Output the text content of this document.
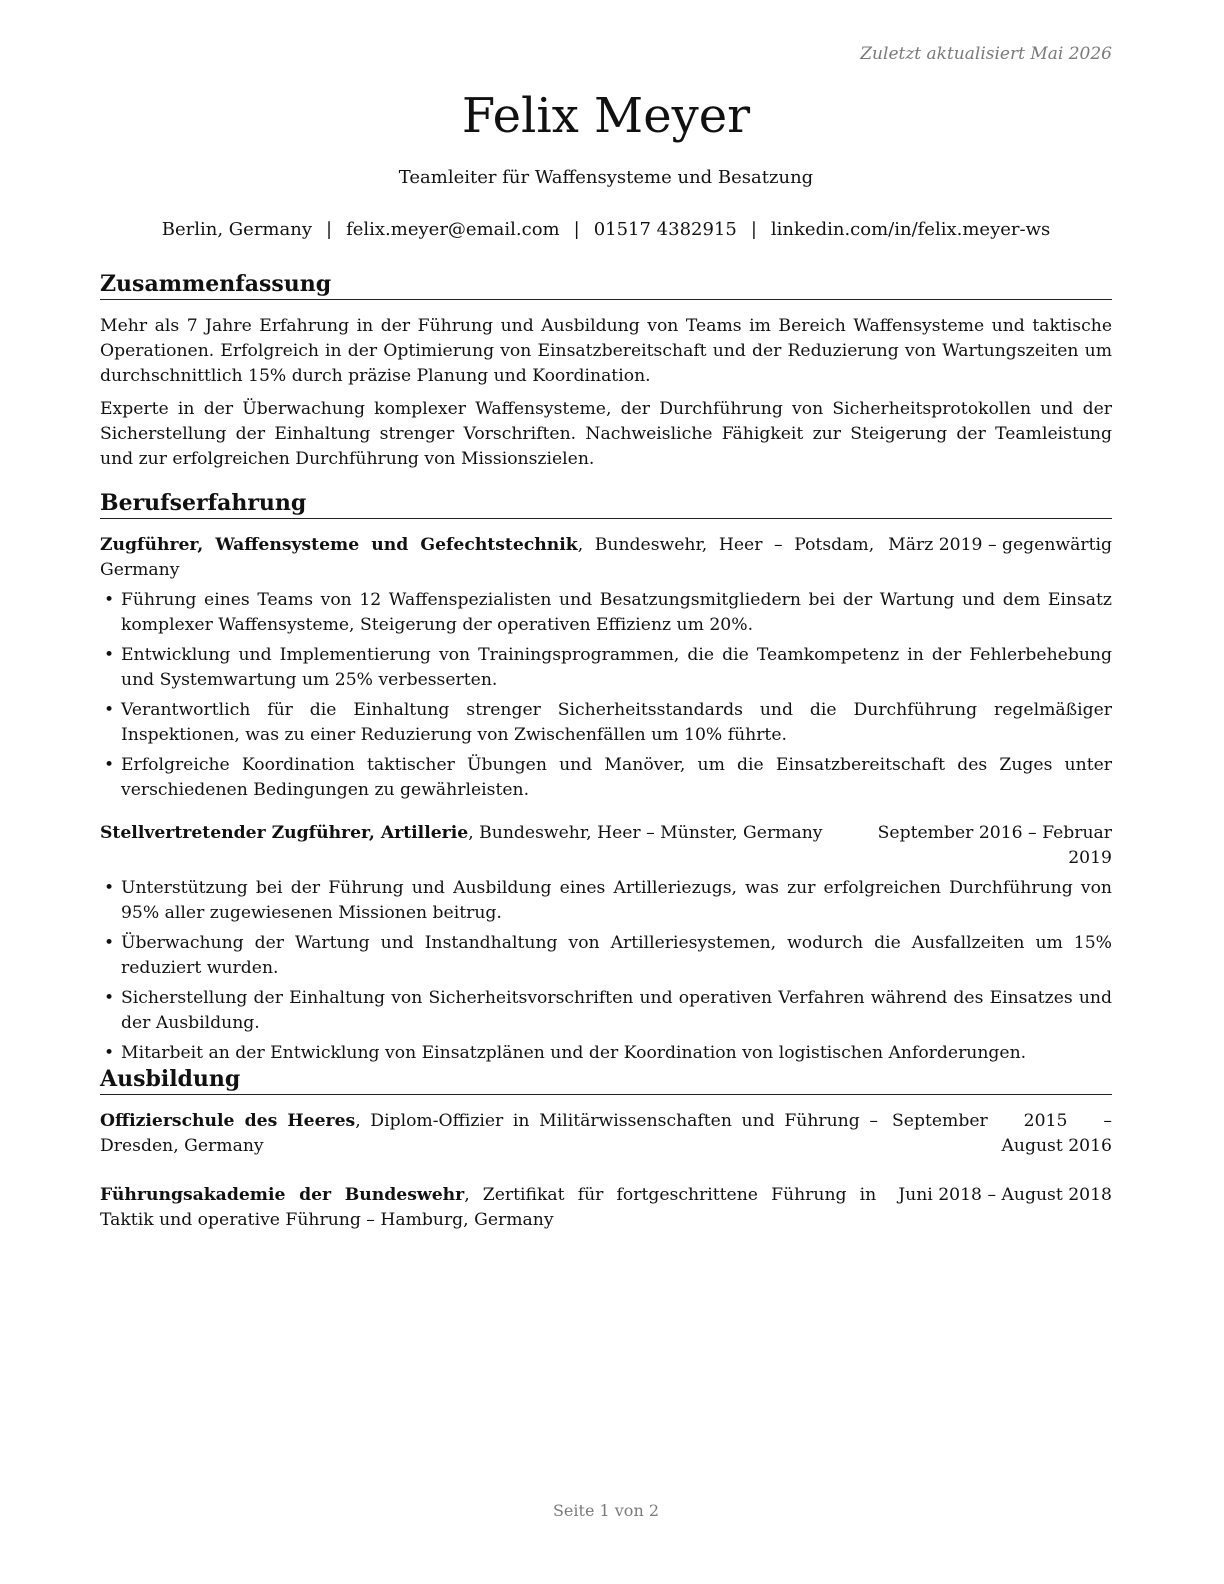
Zuletzt aktualisiert Mai 2026
Felix Meyer
Teamleiter für Waffensysteme und Besatzung
Berlin, Germany | felix.meyer@email.com | 01517 4382915 | linkedin.com/in/felix.meyer-ws
Zusammenfassung

Mehr als 7 Jahre Erfahrung in der Führung und Ausbildung von Teams im Bereich Waffensysteme und taktische Operationen. Erfolgreich in der Optimierung von Einsatzbereitschaft und der Reduzierung von Wartungszeiten um durchschnittlich 15% durch präzise Planung und Koordination.

Experte in der Überwachung komplexer Waffensysteme, der Durchführung von Sicherheitsprotokollen und der Sicherstellung der Einhaltung strenger Vorschriften. Nachweisliche Fähigkeit zur Steigerung der Teamleistung und zur erfolgreichen Durchführung von Missionszielen.

Berufserfahrung
Zugführer, Waffensysteme und Gefechtstechnik, Bundeswehr, Heer – Potsdam, Germany
März 2019 – gegenwärtig
• Führung eines Teams von 12 Waffenspezialisten und Besatzungsmitgliedern bei der Wartung und dem Einsatz komplexer Waffensysteme, Steigerung der operativen Effizienz um 20%.
• Entwicklung und Implementierung von Trainingsprogrammen, die die Teamkompetenz in der Fehlerbehebung und Systemwartung um 25% verbesserten.
• Verantwortlich für die Einhaltung strenger Sicherheitsstandards und die Durchführung regelmäßiger Inspektionen, was zu einer Reduzierung von Zwischenfällen um 10% führte.
• Erfolgreiche Koordination taktischer Übungen und Manöver, um die Einsatzbereitschaft des Zuges unter verschiedenen Bedingungen zu gewährleisten.
Stellvertretender Zugführer, Artillerie, Bundeswehr, Heer – Münster, Germany	September 2016 – Februar 2019
• Unterstützung bei der Führung und Ausbildung eines Artilleriezugs, was zur erfolgreichen Durchführung von 95% aller zugewiesenen Missionen beitrug.
• Überwachung der Wartung und Instandhaltung von Artilleriesystemen, wodurch die Ausfallzeiten um 15% reduziert wurden.
• Sicherstellung der Einhaltung von Sicherheitsvorschriften und operativen Verfahren während des Einsatzes und der Ausbildung.
• Mitarbeit an der Entwicklung von Einsatzplänen und der Koordination von logistischen Anforderungen.
Ausbildung
Offizierschule des Heeres, Diplom-Offizier in Militärwissenschaften und Führung – Dresden, Germany
September 2015 – August 2016
Führungsakademie der Bundeswehr, Zertifikat für fortgeschrittene Führung in Taktik und operative Führung – Hamburg, Germany
Juni 2018 – August 2018
Seite 1 von 2
